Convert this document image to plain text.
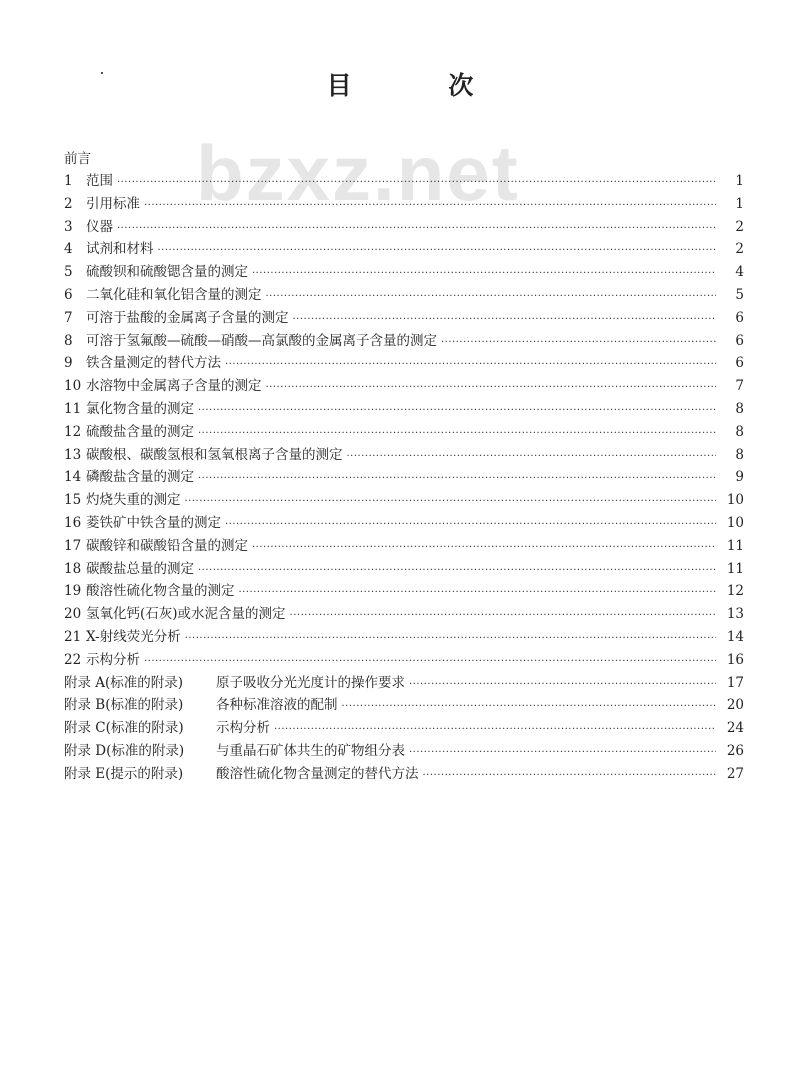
bzxz.net
目 次
前言
1 范围 ·····	1
2 引用标准 ·····	1
3 仪器 ·····	2
4 试剂和材料 ·····	2
5 硫酸钡和硫酸锶含量的测定 ·····	4
6 二氧化硅和氧化铝含量的测定 ·····	5
7 可溶于盐酸的金属离子含量的测定 ·····	6
8 可溶于氢氟酸—硫酸—硝酸—高氯酸的金属离子含量的测定 ·····	6
9 铁含量测定的替代方法 ·····	6
10 水溶物中金属离子含量的测定 ·····	7
11 氯化物含量的测定 ·····	8
12 硫酸盐含量的测定 ·····	8
13 碳酸根、碳酸氢根和氢氧根离子含量的测定 ·····	8
14 磷酸盐含量的测定 ·····	9
15 灼烧失重的测定 ·····	10
16 菱铁矿中铁含量的测定 ·····	10
17 碳酸锌和碳酸铅含量的测定 ·····	11
18 碳酸盐总量的测定 ·····	11
19 酸溶性硫化物含量的测定 ·····	12
20 氢氧化钙(石灰)或水泥含量的测定 ·····	13
21 X-射线荧光分析 ·····	14
22 示构分析 ·····	16
附录 A(标准的附录)	原子吸收分光光度计的操作要求 ·····	17
附录 B(标准的附录)	各种标准溶液的配制 ·····	20
附录 C(标准的附录)	示构分析 ·····	24
附录 D(标准的附录)	与重晶石矿体共生的矿物组分表 ·····	26
附录 E(提示的附录)	酸溶性硫化物含量测定的替代方法 ·····	27
